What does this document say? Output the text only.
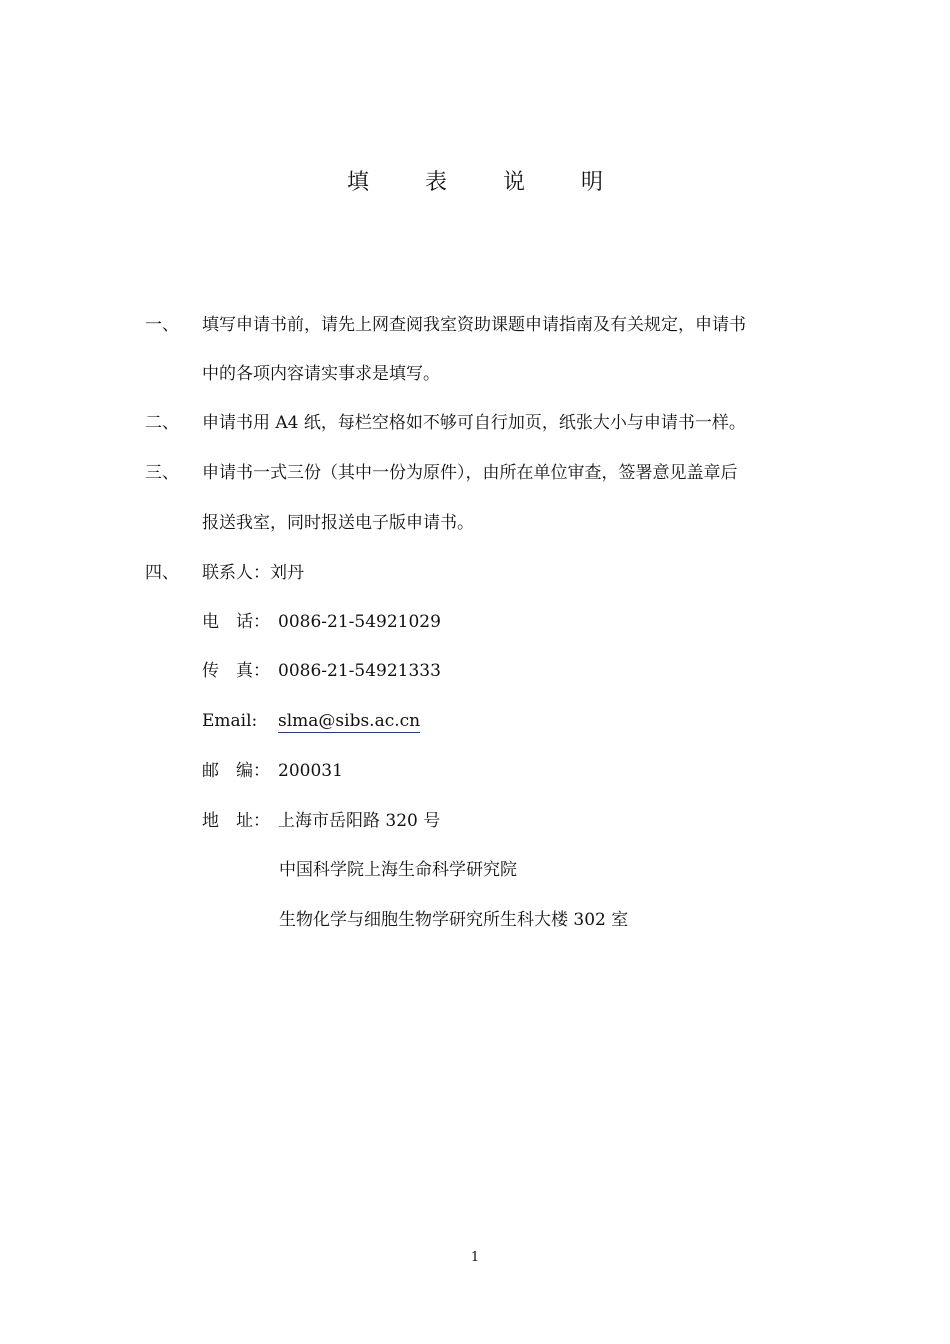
填	表	说	明
一、 填写申请书前，请先上网查阅我室资助课题申请指南及有关规定，申请书
中的各项内容请实事求是填写。
二、 申请书用 A4 纸，每栏空格如不够可自行加页，纸张大小与申请书一样。
三、 申请书一式三份（其中一份为原件），由所在单位审查，签署意见盖章后
报送我室，同时报送电子版申请书。
四、 联系人：刘丹
电　话： 0086-21-54921029
传　真： 0086-21-54921333
Email: slma@sibs.ac.cn
邮　编： 200031
地　址： 上海市岳阳路 320 号
中国科学院上海生命科学研究院
生物化学与细胞生物学研究所生科大楼 302 室
1
